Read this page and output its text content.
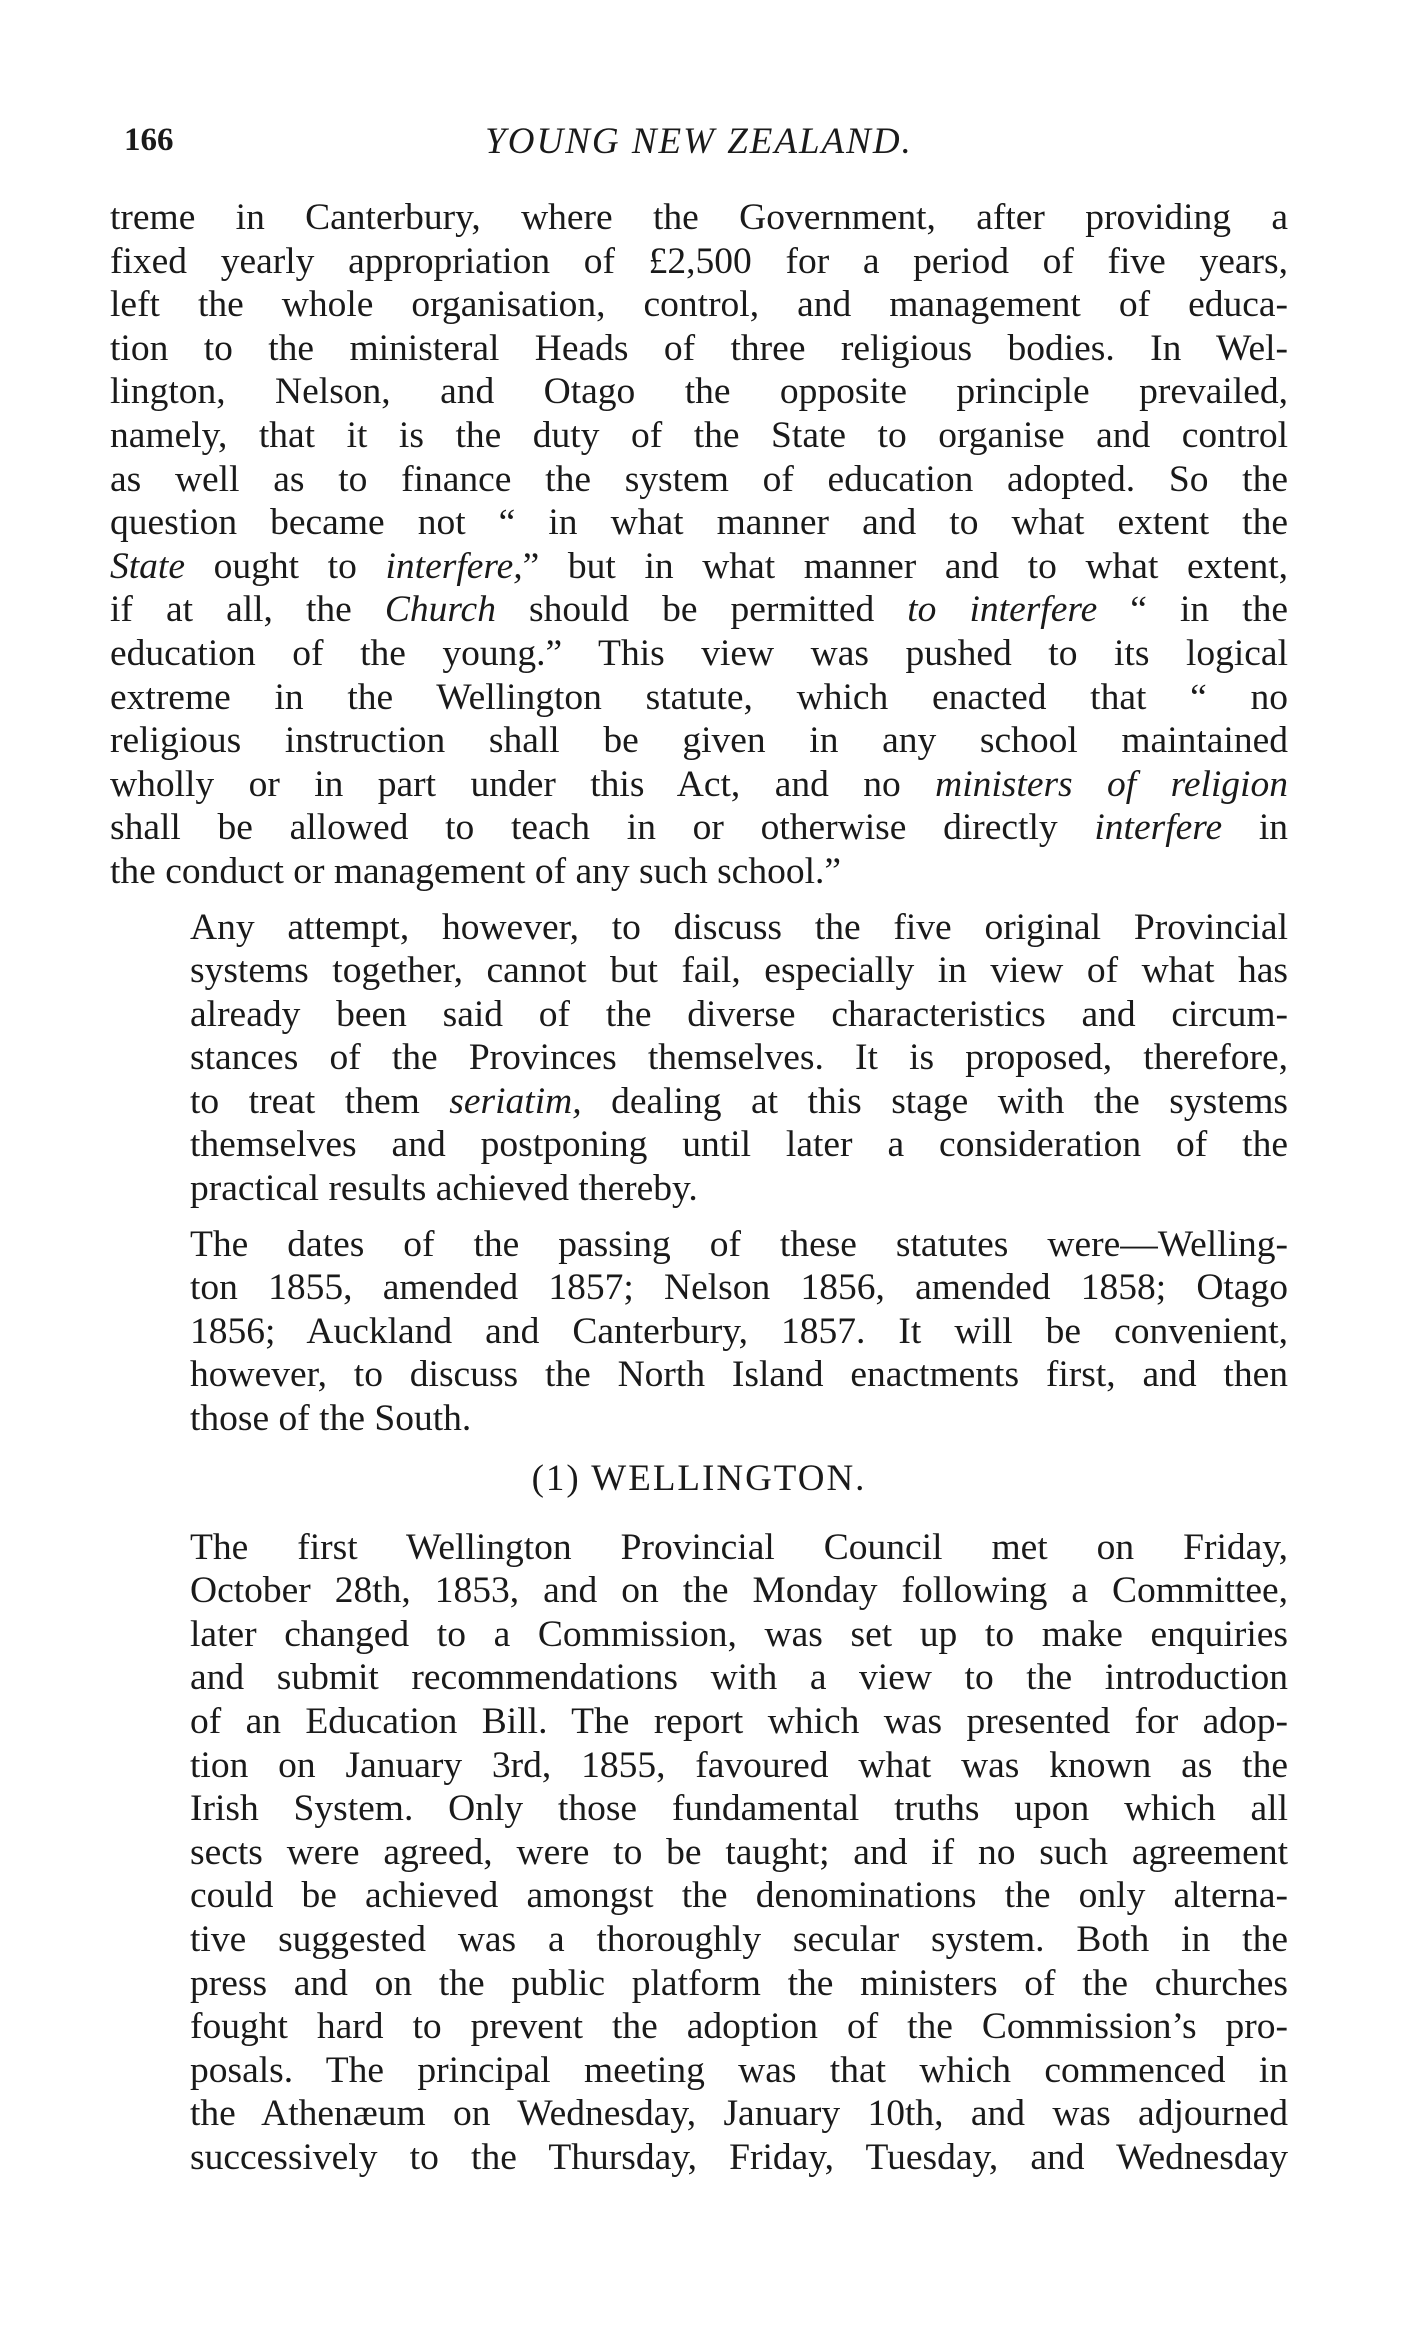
166	YOUNG NEW ZEALAND.

treme in Canterbury, where the Government, after providing a
fixed yearly appropriation of £2,500 for a period of five years,
left the whole organisation, control, and management of educa-
tion to the ministeral Heads of three religious bodies. In Wel-
lington, Nelson, and Otago the opposite principle prevailed,
namely, that it is the duty of the State to organise and control
as well as to finance the system of education adopted. So the
question became not “ in what manner and to what extent the
State ought to interfere,” but in what manner and to what extent,
if at all, the Church should be permitted to interfere “ in the
education of the young.” This view was pushed to its logical
extreme in the Wellington statute, which enacted that “ no
religious instruction shall be given in any school maintained
wholly or in part under this Act, and no ministers of religion
shall be allowed to teach in or otherwise directly interfere in
the conduct or management of any such school.”

Any attempt, however, to discuss the five original Provincial
systems together, cannot but fail, especially in view of what has
already been said of the diverse characteristics and circum-
stances of the Provinces themselves. It is proposed, therefore,
to treat them seriatim, dealing at this stage with the systems
themselves and postponing until later a consideration of the
practical results achieved thereby.

The dates of the passing of these statutes were—Welling-
ton 1855, amended 1857; Nelson 1856, amended 1858; Otago
1856; Auckland and Canterbury, 1857. It will be convenient,
however, to discuss the North Island enactments first, and then
those of the South.

(1) WELLINGTON.

The first Wellington Provincial Council met on Friday,
October 28th, 1853, and on the Monday following a Committee,
later changed to a Commission, was set up to make enquiries
and submit recommendations with a view to the introduction
of an Education Bill. The report which was presented for adop-
tion on January 3rd, 1855, favoured what was known as the
Irish System. Only those fundamental truths upon which all
sects were agreed, were to be taught; and if no such agreement
could be achieved amongst the denominations the only alterna-
tive suggested was a thoroughly secular system. Both in the
press and on the public platform the ministers of the churches
fought hard to prevent the adoption of the Commission’s pro-
posals. The principal meeting was that which commenced in
the Athenæum on Wednesday, January 10th, and was adjourned
successively to the Thursday, Friday, Tuesday, and Wednesday
